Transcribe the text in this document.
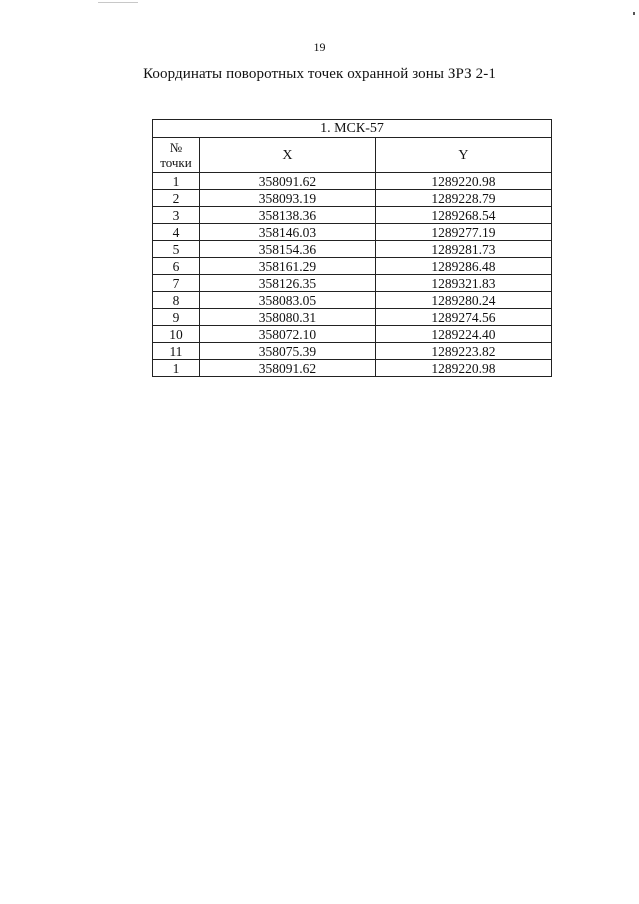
19
Координаты поворотных точек охранной зоны ЗРЗ 2-1
1. МСК-57		
№
точки	X	Y
1	358091.62	1289220.98
2	358093.19	1289228.79
3	358138.36	1289268.54
4	358146.03	1289277.19
5	358154.36	1289281.73
6	358161.29	1289286.48
7	358126.35	1289321.83
8	358083.05	1289280.24
9	358080.31	1289274.56
10	358072.10	1289224.40
11	358075.39	1289223.82
1	358091.62	1289220.98
